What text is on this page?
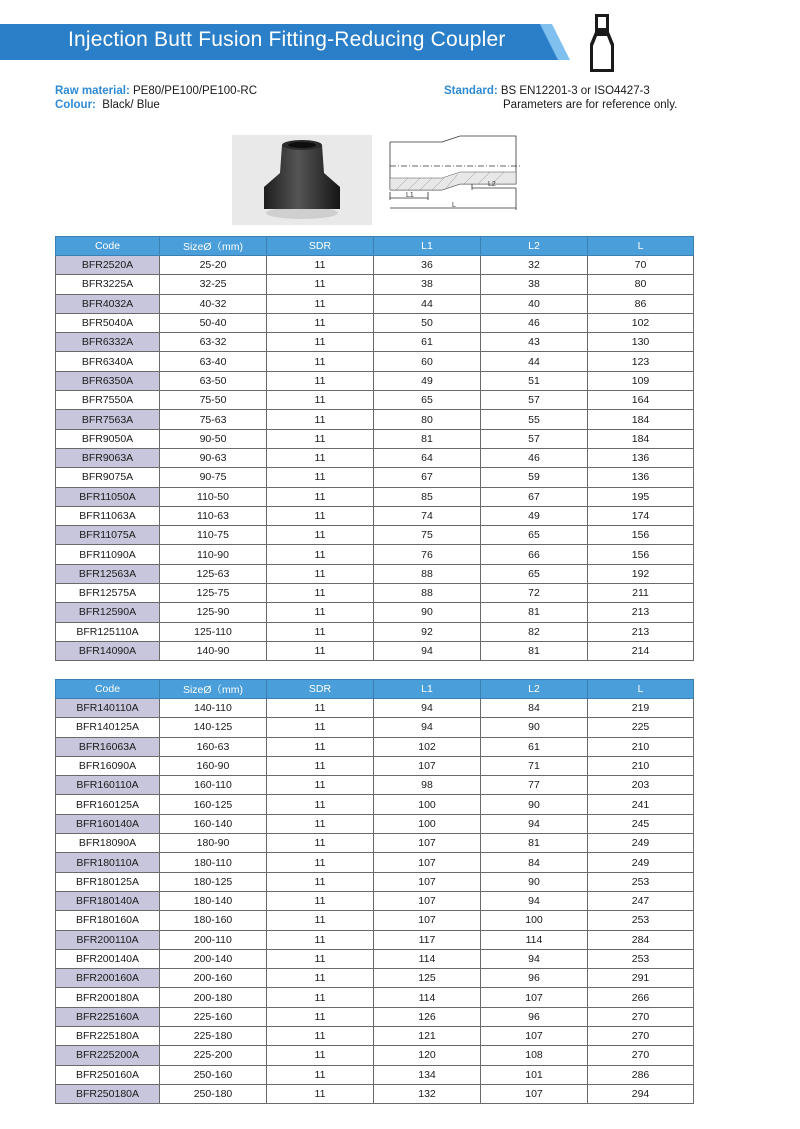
Injection Butt Fusion Fitting-Reducing Coupler
Raw material: PE80/PE100/PE100-RC
Colour: Black/ Blue
Standard: BS EN12201-3 or ISO4427-3
Parameters are for reference only.
L1
L2
L
Code	SizeØ（mm)	SDR	L1	L2	L
BFR2520A	25-20	11	36	32	70
BFR3225A	32-25	11	38	38	80
BFR4032A	40-32	11	44	40	86
BFR5040A	50-40	11	50	46	102
BFR6332A	63-32	11	61	43	130
BFR6340A	63-40	11	60	44	123
BFR6350A	63-50	11	49	51	109
BFR7550A	75-50	11	65	57	164
BFR7563A	75-63	11	80	55	184
BFR9050A	90-50	11	81	57	184
BFR9063A	90-63	11	64	46	136
BFR9075A	90-75	11	67	59	136
BFR11050A	110-50	11	85	67	195
BFR11063A	110-63	11	74	49	174
BFR11075A	110-75	11	75	65	156
BFR11090A	110-90	11	76	66	156
BFR12563A	125-63	11	88	65	192
BFR12575A	125-75	11	88	72	211
BFR12590A	125-90	11	90	81	213
BFR125110A	125-110	11	92	82	213
BFR14090A	140-90	11	94	81	214
Code	SizeØ（mm)	SDR	L1	L2	L
BFR140110A	140-110	11	94	84	219
BFR140125A	140-125	11	94	90	225
BFR16063A	160-63	11	102	61	210
BFR16090A	160-90	11	107	71	210
BFR160110A	160-110	11	98	77	203
BFR160125A	160-125	11	100	90	241
BFR160140A	160-140	11	100	94	245
BFR18090A	180-90	11	107	81	249
BFR180110A	180-110	11	107	84	249
BFR180125A	180-125	11	107	90	253
BFR180140A	180-140	11	107	94	247
BFR180160A	180-160	11	107	100	253
BFR200110A	200-110	11	117	114	284
BFR200140A	200-140	11	114	94	253
BFR200160A	200-160	11	125	96	291
BFR200180A	200-180	11	114	107	266
BFR225160A	225-160	11	126	96	270
BFR225180A	225-180	11	121	107	270
BFR225200A	225-200	11	120	108	270
BFR250160A	250-160	11	134	101	286
BFR250180A	250-180	11	132	107	294
